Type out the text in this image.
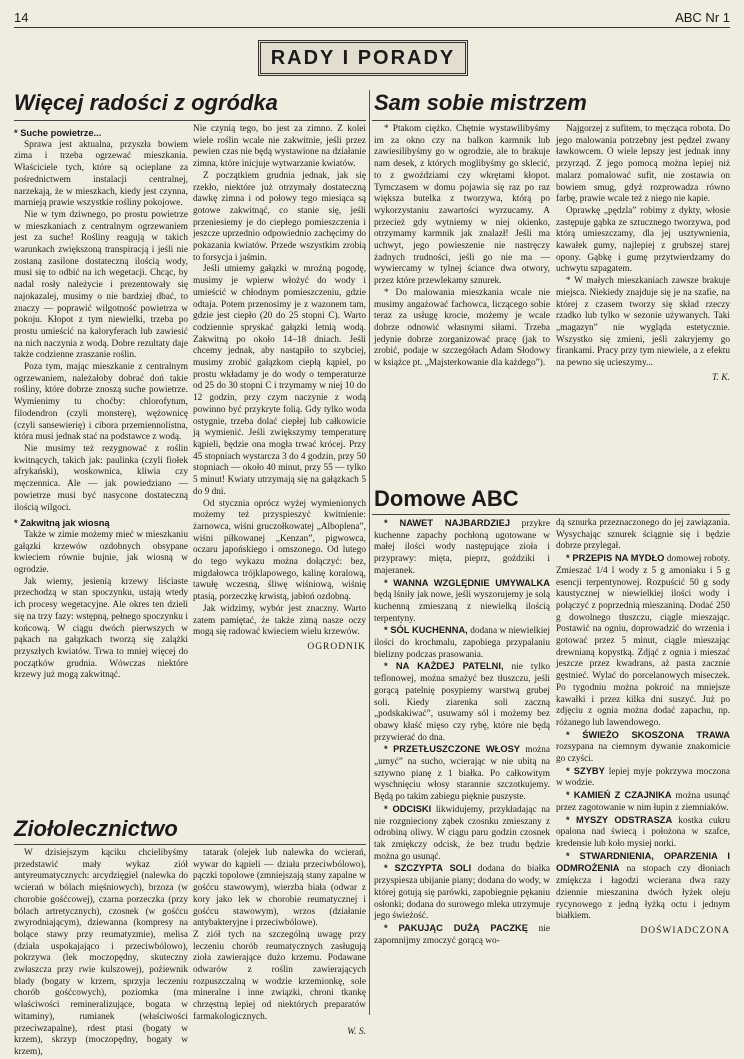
14	ABC Nr 1
RADY I PORADY
Więcej radości z ogródka

* Suche powietrze...

Sprawa jest aktualna, przyszła bowiem zima i trzeba ogrzewać mieszkania. Właściciele tych, które są ocieplane za pośrednictwem instalacji centralnej, narzekają, że w mieszkach, kiedy jest czynna, marnieją prawie wszystkie rośliny pokojowe.

Nie w tym dziwnego, po prostu powietrze w mieszkaniach z centralnym ogrzewaniem jest za suche! Rośliny reagują w takich warunkach zwiększoną transpiracją i jeśli nie zostaną zasilone dostateczną ilością wody, musi się to odbić na ich wegetacji. Chcąc, by nadal rosły należycie i prezentowały się najokazalej, musimy o nie bardziej dbać, to znaczy — poprawić wilgotność powietrza w pokoju. Kłopot z tym niewielki, trzeba po prostu umieścić na kaloryferach lub zawiesić na nich naczynia z wodą. Dobre rezultaty daje także codzienne zraszanie roślin.

Poza tym, mając mieszkanie z centralnym ogrzewaniem, należałoby dobrać doń takie rośliny, które dobrze znoszą suche powietrze. Wymienimy tu choćby: chlorofytum, filodendron (czyli monsterę), wężownicę (czyli sansewierię) i cibora przemiennolistna, która musi jednak stać na podstawce z wodą.

Nie musimy też rezygnować z roślin kwitnących, takich jak: paulinka (czyli fiołek afrykański), woskownica, kliwia czy męczennica. Ale — jak powiedziano — powietrze musi być nasycone dostateczną ilością wilgoci.

* Zakwitną jak wiosną

Także w zimie możemy mieć w mieszkaniu gałązki krzewów ozdobnych obsypane kwieciem równie bujnie, jak wiosną w ogrodzie.

Jak wiemy, jesienią krzewy liściaste przechodzą w stan spoczynku, ustają wtedy ich procesy wegetacyjne. Ale okres ten dzieli się na trzy fazy: wstępną, pełnego spoczynku i końcową. W ciągu dwóch pierwszych w pąkach na gałązkach tworzą się zalążki przyszłych kwiatów. Trwa to mniej więcej do początków grudnia. Wówczas niektóre krzewy już mogą zakwitnąć.

Nie czynią tego, bo jest za zimno. Z kolei wiele roślin wcale nie zakwitnie, jeśli przez pewien czas nie będą wystawione na działanie zimna, które inicjuje wytwarzanie kwiatów.

Z początkiem grudnia jednak, jak się rzekło, niektóre już otrzymały dostateczną dawkę zimna i od połowy tego miesiąca są gotowe zakwitnąć, co stanie się, jeśli przeniesiemy je do ciepłego pomieszczenia i jeszcze uprzednio odpowiednio zachęcimy do pokazania kwiatów. Przede wszystkim zrobią to forsycja i jaśmin.

Jeśli utniemy gałązki w mroźną pogodę, musimy je wpierw włożyć do wody i umieścić w chłodnym pomieszczeniu, gdzie odtaja. Potem przenosimy je z wazonem tam, gdzie jest ciepło (20 do 25 stopni C). Warto codziennie spryskać gałązki letnią wodą. Zakwitną po około 14–18 dniach. Jeśli chcemy jednak, aby nastąpiło to szybciej, musimy zrobić gałązkom ciepłą kąpiel, po prostu wkładamy je do wody o temperaturze od 25 do 30 stopni C i trzymamy w niej 10 do 12 godzin, przy czym naczynie z wodą powinno być przykryte folią. Gdy tylko woda ostygnie, trzeba dolać ciepłej lub całkowicie ją wymienić. Jeśli zwiększymy temperaturę kąpieli, będzie ona mogła trwać krócej. Przy 45 stopniach wystarcza 3 do 4 godzin, przy 50 stopniach — około 40 minut, przy 55 — tylko 5 minut! Kwiaty utrzymają się na gałązkach 5 do 9 dni.

Od stycznia oprócz wyżej wymienionych możemy też przyspieszyć kwitnienie: żarnowca, wiśni gruczołkowatej „Alboplena”, wiśni piłkowanej „Kenzan”, pigwowca, oczaru japońskiego i omszonego. Od lutego do tego wykazu można dołączyć: bez, migdałowca trójklapowego, kalinę koralową, tawułę wczesną, śliwę wiśniową, wiśnię ptasią, porzeczkę krwistą, jabłoń ozdobną.

Jak widzimy, wybór jest znaczny. Warto zatem pamiętać, że także zimą nasze oczy mogą się radować kwieciem wielu krzewów.

OGRODNIK
Sam sobie mistrzem

* Ptakom ciężko. Chętnie wystawilibyśmy im za okno czy na balkon karmnik lub zawiesilibyśmy go w ogrodzie, ale to brakuje nam desek, z których moglibyśmy go sklecić, to z gwoździami czy wkrętami kłopot. Tymczasem w domu pojawia się raz po raz większa butelka z tworzywa, którą po wykorzystaniu zawartości wyrzucamy. A przecież gdy wytniemy w niej okienko, otrzymamy karmnik jak znalazł! Jeśli ma uchwyt, jego powieszenie nie nastręczy żadnych trudności, jeśli go nie ma — wywiercamy w tylnej ściance dwa otwory, przez które przewlekamy sznurek.

* Do malowania mieszkania wcale nie musimy angażować fachowca, liczącego sobie teraz za usługę krocie, możemy je wcale dobrze odnowić własnymi siłami. Trzeba jedynie dobrze zorganizować pracę (jak to zrobić, podaje w szczegółach Adam Słodowy w książce pt. „Majsterkowanie dla każdego”).

Najgorzej z sufitem, to męcząca robota. Do jego malowania potrzebny jest pędzel zwany ławkowcem. O wiele lepszy jest jednak inny przyrząd. Z jego pomocą można lepiej niż malarz pomalować sufit, nie zostawia on bowiem smug, gdyż rozprowadza równo farbę, prawie wcale też z niego nie kapie.

Oprawkę „pędzla” robimy z dykty, włosie zastępuje gąbka ze sztucznego tworzywa, pod którą umieszczamy, dla jej usztywnienia, kawałek gumy, najlepiej z grubszej starej opony. Gąbkę i gumę przytwierdzamy do uchwytu szpagatem.

* W małych mieszkaniach zawsze brakuje miejsca. Niekiedy znajduje się je na szafie, na której z czasem tworzy się skład rzeczy rzadko lub tylko w sezonie używanych. Taki „magazyn” nie wygląda estetycznie. Wszystko się zmieni, jeśli zakryjemy go firankami. Pracy przy tym niewiele, a z efektu na pewno się ucieszymy...

T. K.
Domowe ABC

* NAWET NAJBARDZIEJ przykre kuchenne zapachy pochłoną ugotowane w małej ilości wody następujące zioła i przyprawy: mięta, pieprz, goździki i majeranek.

* WANNA WZGLĘDNIE UMYWALKA będą lśniły jak nowe, jeśli wyszorujemy je solą kuchenną zmieszaną z niewielką ilością terpentyny.

* SÓL KUCHENNA, dodana w niewielkiej ilości do krochmalu, zapobiega przypalaniu bielizny podczas prasowania.

* NA KAŻDEJ PATELNI, nie tylko teflonowej, można smażyć bez tłuszczu, jeśli gorącą patelnię posypiemy warstwą grubej soli. Kiedy ziarenka soli zaczną „podskakiwać”, usuwamy sól i możemy bez obawy kłaść mięso czy rybę, które nie będą przywierać do dna.

* PRZETŁUSZCZONE WŁOSY można „umyć” na sucho, wcierając w nie ubitą na sztywno pianę z 1 białka. Po całkowitym wyschnięciu włosy starannie szczotkujemy. Będą po takim zabiegu pięknie puszyste.

* ODCISKI likwidujemy, przykładając na nie rozgnieciony ząbek czosnku zmieszany z odrobiną oliwy. W ciągu paru godzin czosnek tak zmiękczy odcisk, że bez trudu będzie można go usunąć.

* SZCZYPTA SOLI dodana do białka przyspiesza ubijanie piany; dodana do wody, w której gotują się parówki, zapobiegnie pękaniu osłonki; dodana do surowego mleka utrzymuje jego świeżość.

* PAKUJĄC DUŻĄ PACZKĘ nie zapomnijmy zmoczyć gorącą wo-

dą sznurka przeznaczonego do jej zawiązania. Wysychając sznurek ściągnie się i będzie dobrze przylegał.

* PRZEPIS NA MYDŁO domowej roboty. Zmieszać 1/4 l wody z 5 g amoniaku i 5 g esencji terpentynowej. Rozpuścić 50 g sody kaustycznej w niewielkiej ilości wody i połączyć z poprzednią mieszaniną. Dodać 250 g dowolnego tłuszczu, ciągle mieszając. Postawić na ogniu, doprowadzić do wrzenia i gotować przez 5 minut, ciągle mieszając drewnianą kopystką. Zdjąć z ognia i mieszać jeszcze przez kwadrans, aż pasta zacznie gęstnieć. Wylać do porcelanowych miseczek. Po tygodniu można pokroić na mniejsze kawałki i przez kilka dni suszyć. Już po zdjęciu z ognia można dodać zapachu, np. różanego lub lawendowego.

* ŚWIEŻO SKOSZONA TRAWA rozsypana na ciemnym dywanie znakomicie go czyści.

* SZYBY lepiej myje pokrzywa moczona w wodzie.

* KAMIEŃ Z CZAJNIKA można usunąć przez zagotowanie w nim łupin z ziemniaków.

* MYSZY ODSTRASZA kostka cukru opalona nad świecą i położona w szafce, kredensie lub koło mysiej norki.

* STWARDNIENIA, OPARZENIA I ODMROŻENIA na stopach czy dłoniach zmiękcza i łagodzi wcierana dwa razy dziennie mieszanina dwóch łyżek oleju rycynowego z jedną łyżką octu i jednym białkiem.

DOŚWIADCZONA
Ziołolecznictwo

W dzisiejszym kąciku chcielibyśmy przedstawić mały wykaz ziół antyreumatycznych: arcydzięgiel (nalewka do wcierań w bólach mięśniowych), brzoza (w chorobie gośćcowej), czarna porzeczka (przy bólach artretycznych), czosnek (w gośćcu zwyrodniającym), dziewanna (kompresy na bolące stawy przy reumatyzmie), melisa (działa uspokajająco i przeciwbólowo), pokrzywa (lek moczopędny, skuteczny zwłaszcza przy rwie kulszowej), pożiewnik blady (bogaty w krzem, sprzyja leczeniu chorób gośćcowych), poziomka (ma właściwości remineralizujące, bogata w witaminy), rumianek (właściwości przeciwzapalne), rdest ptasi (bogaty w krzem), skrzyp (moczopędny, bogaty w krzem),

tatarak (olejek lub nalewka do wcierań, wywar do kąpieli — działa przeciwbólowo), pączki topolowe (zmniejszają stany zapalne w gośćcu stawowym), wierzba biała (odwar z kory jako lek w chorobie reumatycznej i gośćcu stawowym), wrzos (działanie antybakteryjne i przeciwbólowe).
Z ziół tych na szczególną uwagę przy leczeniu chorób reumatycznych zasługują zioła zawierające dużo krzemu. Podawane odwarów z roślin zawierających rozpuszczalną w wodzie krzemionkę, sole mineralne i inne związki, chroni tkankę chrzęstną lepiej od niektórych preparatów farmakologicznych.
W. S.
